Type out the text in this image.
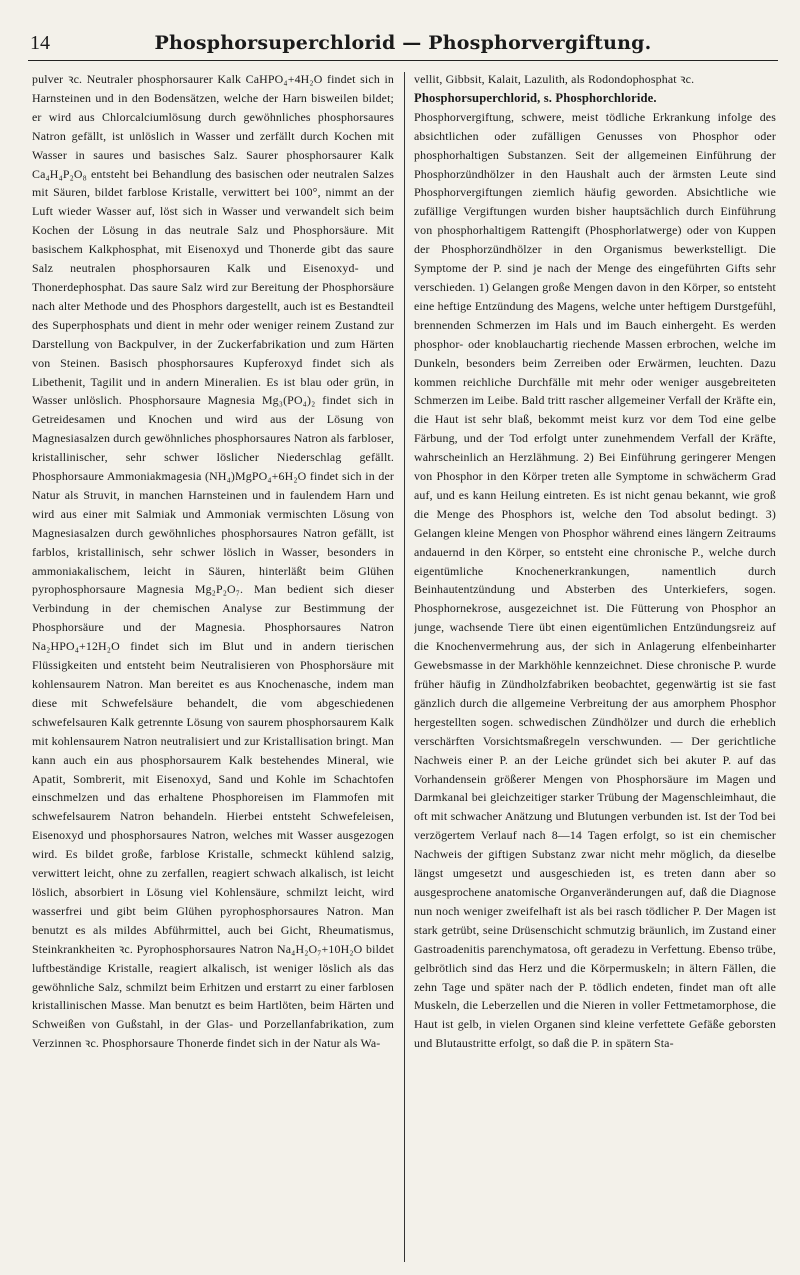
14	Phosphorsuperchlorid — Phosphorvergiftung.

pulver ꝛc. Neutraler phosphorsaurer Kalk CaHPO₄+4H₂O findet sich in Harnsteinen und in den Bodensätzen, welche der Harn bisweilen bildet; er wird aus Chlorcalciumlösung durch gewöhnliches phosphorsaures Natron gefällt, ist unlöslich in Wasser und zerfällt durch Kochen mit Wasser in saures und basisches Salz. Saurer phosphorsaurer Kalk Ca₄H₄P₂O₈ entsteht bei Behandlung des basischen oder neutralen Salzes mit Säuren, bildet farblose Kristalle, verwittert bei 100°, nimmt an der Luft wieder Wasser auf, löst sich in Wasser und verwandelt sich beim Kochen der Lösung in das neutrale Salz und Phosphorsäure. Mit basischem Kalkphosphat, mit Eisenoxyd und Thonerde gibt das saure Salz neutralen phosphorsauren Kalk und Eisenoxyd- und Thonerdephosphat. Das saure Salz wird zur Bereitung der Phosphorsäure nach alter Methode und des Phosphors dargestellt, auch ist es Bestandteil des Superphosphats und dient in mehr oder weniger reinem Zustand zur Darstellung von Backpulver, in der Zuckerfabrikation und zum Härten von Steinen. Basisch phosphorsaures Kupferoxyd findet sich als Libethenit, Tagilit und in andern Mineralien. Es ist blau oder grün, in Wasser unlöslich. Phosphorsaure Magnesia Mg₃(PO₄)₂ findet sich in Getreidesamen und Knochen und wird aus der Lösung von Magnesiasalzen durch gewöhnliches phosphorsaures Natron als farbloser, kristallinischer, sehr schwer löslicher Niederschlag gefällt. Phosphorsaure Ammoniakmagesia (NH₄)MgPO₄+6H₂O findet sich in der Natur als Struvit, in manchen Harnsteinen und in faulendem Harn und wird aus einer mit Salmiak und Ammoniak vermischten Lösung von Magnesiasalzen durch gewöhnliches phosphorsaures Natron gefällt, ist farblos, kristallinisch, sehr schwer löslich in Wasser, besonders in ammoniakalischem, leicht in Säuren, hinterläßt beim Glühen pyrophosphorsaure Magnesia Mg₂P₂O₇. Man bedient sich dieser Verbindung in der chemischen Analyse zur Bestimmung der Phosphorsäure und der Magnesia. Phosphorsaures Natron Na₂HPO₄+12H₂O findet sich im Blut und in andern tierischen Flüssigkeiten und entsteht beim Neutralisieren von Phosphorsäure mit kohlensaurem Natron. Man bereitet es aus Knochenasche, indem man diese mit Schwefelsäure behandelt, die vom abgeschiedenen schwefelsauren Kalk getrennte Lösung von saurem phosphorsaurem Kalk mit kohlensaurem Natron neutralisiert und zur Kristallisation bringt. Man kann auch ein aus phosphorsaurem Kalk bestehendes Mineral, wie Apatit, Sombrerit, mit Eisenoxyd, Sand und Kohle im Schachtofen einschmelzen und das erhaltene Phosphoreisen im Flammofen mit schwefelsaurem Natron behandeln. Hierbei entsteht Schwefeleisen, Eisenoxyd und phosphorsaures Natron, welches mit Wasser ausgezogen wird. Es bildet große, farblose Kristalle, schmeckt kühlend salzig, verwittert leicht, ohne zu zerfallen, reagiert schwach alkalisch, ist leicht löslich, absorbiert in Lösung viel Kohlensäure, schmilzt leicht, wird wasserfrei und gibt beim Glühen pyrophosphorsaures Natron. Man benutzt es als mildes Abführmittel, auch bei Gicht, Rheumatismus, Steinkrankheiten ꝛc. Pyrophosphorsaures Natron Na₄H₂O₇+10H₂O bildet luftbeständige Kristalle, reagiert alkalisch, ist weniger löslich als das gewöhnliche Salz, schmilzt beim Erhitzen und erstarrt zu einer farblosen kristallinischen Masse. Man benutzt es beim Hartlöten, beim Härten und Schweißen von Gußstahl, in der Glas- und Porzellanfabrikation, zum Verzinnen ꝛc. Phosphorsaure Thonerde findet sich in der Natur als Wa-

vellit, Gibbsit, Kalait, Lazulith, als Rodondophosphat ꝛc.

Phosphorsuperchlorid, s. Phosphorchloride.

Phosphorvergiftung, schwere, meist tödliche Erkrankung infolge des absichtlichen oder zufälligen Genusses von Phosphor oder phosphorhaltigen Substanzen. Seit der allgemeinen Einführung der Phosphorzündhölzer in den Haushalt auch der ärmsten Leute sind Phosphorvergiftungen ziemlich häufig geworden. Absichtliche wie zufällige Vergiftungen wurden bisher hauptsächlich durch Einführung von phosphorhaltigem Rattengift (Phosphorlatwerge) oder von Kuppen der Phosphorzündhölzer in den Organismus bewerkstelligt. Die Symptome der P. sind je nach der Menge des eingeführten Gifts sehr verschieden. 1) Gelangen große Mengen davon in den Körper, so entsteht eine heftige Entzündung des Magens, welche unter heftigem Durstgefühl, brennenden Schmerzen im Hals und im Bauch einhergeht. Es werden phosphor- oder knoblauchartig riechende Massen erbrochen, welche im Dunkeln, besonders beim Zerreiben oder Erwärmen, leuchten. Dazu kommen reichliche Durchfälle mit mehr oder weniger ausgebreiteten Schmerzen im Leibe. Bald tritt rascher allgemeiner Verfall der Kräfte ein, die Haut ist sehr blaß, bekommt meist kurz vor dem Tod eine gelbe Färbung, und der Tod erfolgt unter zunehmendem Verfall der Kräfte, wahrscheinlich an Herzlähmung. 2) Bei Einführung geringerer Mengen von Phosphor in den Körper treten alle Symptome in schwächerm Grad auf, und es kann Heilung eintreten. Es ist nicht genau bekannt, wie groß die Menge des Phosphors ist, welche den Tod absolut bedingt. 3) Gelangen kleine Mengen von Phosphor während eines längern Zeitraums andauernd in den Körper, so entsteht eine chronische P., welche durch eigentümliche Knochenerkrankungen, namentlich durch Beinhautentzündung und Absterben des Unterkiefers, sogen. Phosphornekrose, ausgezeichnet ist. Die Fütterung von Phosphor an junge, wachsende Tiere übt einen eigentümlichen Entzündungsreiz auf die Knochenvermehrung aus, der sich in Anlagerung elfenbeinharter Gewebsmasse in der Markhöhle kennzeichnet. Diese chronische P. wurde früher häufig in Zündholzfabriken beobachtet, gegenwärtig ist sie fast gänzlich durch die allgemeine Verbreitung der aus amorphem Phosphor hergestellten sogen. schwedischen Zündhölzer und durch die erheblich verschärften Vorsichtsmaßregeln verschwunden. — Der gerichtliche Nachweis einer P. an der Leiche gründet sich bei akuter P. auf das Vorhandensein größerer Mengen von Phosphorsäure im Magen und Darmkanal bei gleichzeitiger starker Trübung der Magenschleimhaut, die oft mit schwacher Anätzung und Blutungen verbunden ist. Ist der Tod bei verzögertem Verlauf nach 8—14 Tagen erfolgt, so ist ein chemischer Nachweis der giftigen Substanz zwar nicht mehr möglich, da dieselbe längst umgesetzt und ausgeschieden ist, es treten dann aber so ausgesprochene anatomische Organveränderungen auf, daß die Diagnose nun noch weniger zweifelhaft ist als bei rasch tödlicher P. Der Magen ist stark getrübt, seine Drüsenschicht schmutzig bräunlich, im Zustand einer Gastroadenitis parenchymatosa, oft geradezu in Verfettung. Ebenso trübe, gelbrötlich sind das Herz und die Körpermuskeln; in ältern Fällen, die zehn Tage und später nach der P. tödlich endeten, findet man oft alle Muskeln, die Leberzellen und die Nieren in voller Fettmetamorphose, die Haut ist gelb, in vielen Organen sind kleine verfettete Gefäße geborsten und Blutaustritte erfolgt, so daß die P. in spätern Sta-
